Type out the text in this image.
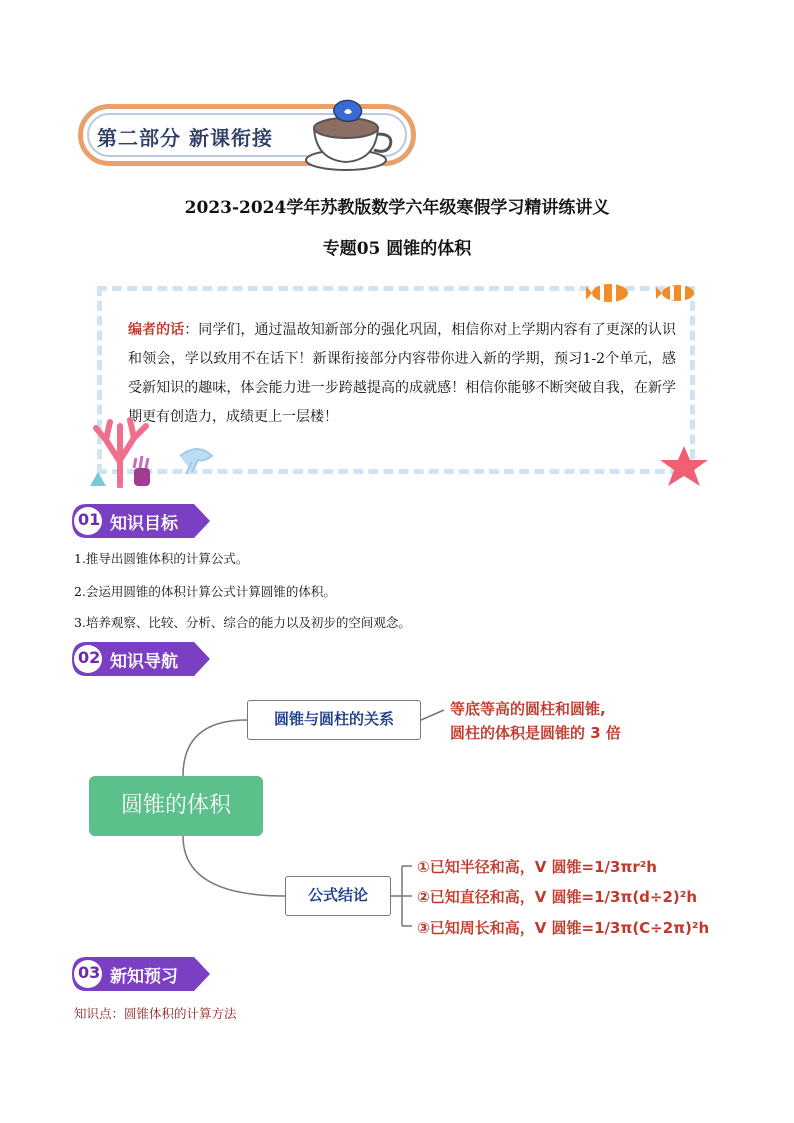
第二部分 新课衔接
2023-2024学年苏教版数学六年级寒假学习精讲练讲义
专题05 圆锥的体积
编者的话：同学们，通过温故知新部分的强化巩固，相信你对上学期内容有了更深的认识和领会，学以致用不在话下！新课衔接部分内容带你进入新的学期，预习1-2个单元，感受新知识的趣味，体会能力进一步跨越提高的成就感！相信你能够不断突破自我，在新学期更有创造力，成绩更上一层楼！
01 知识目标
1.推导出圆锥体积的计算公式。
2.会运用圆锥的体积计算公式计算圆锥的体积。
3.培养观察、比较、分析、综合的能力以及初步的空间观念。
02 知识导航
圆锥的体积
圆锥与圆柱的关系
等底等高的圆柱和圆锥,
圆柱的体积是圆锥的 3 倍
公式结论
①已知半径和高，V 圆锥=1/3πr²h
②已知直径和高，V 圆锥=1/3π(d÷2)²h
③已知周长和高，V 圆锥=1/3π(C÷2π)²h
03 新知预习
知识点：圆锥体积的计算方法
